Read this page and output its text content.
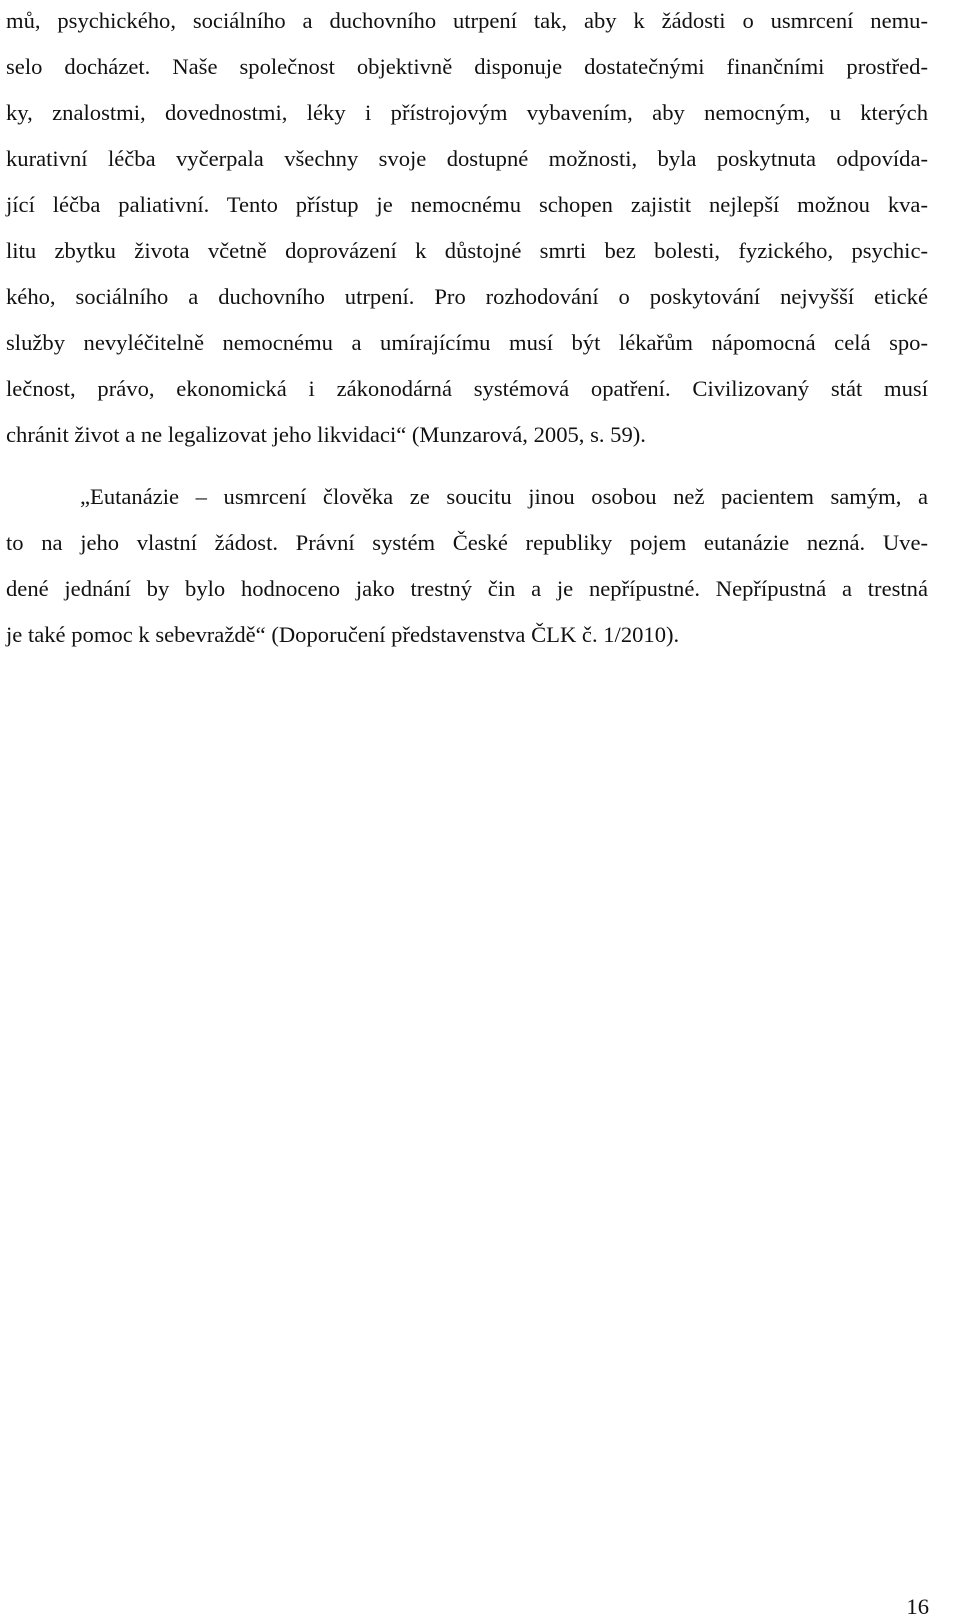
mů, psychického, sociálního a duchovního utrpení tak, aby k žádosti o usmrcení nemu-
selo docházet. Naše společnost objektivně disponuje dostatečnými finančními prostřed-
ky, znalostmi, dovednostmi, léky i přístrojovým vybavením, aby nemocným, u kterých
kurativní léčba vyčerpala všechny svoje dostupné možnosti, byla poskytnuta odpovída-
jící léčba paliativní. Tento přístup je nemocnému schopen zajistit nejlepší možnou kva-
litu zbytku života včetně doprovázení k důstojné smrti bez bolesti, fyzického, psychic-
kého, sociálního a duchovního utrpení. Pro rozhodování o poskytování nejvyšší etické
služby nevyléčitelně nemocnému a umírajícímu musí být lékařům nápomocná celá spo-
lečnost, právo, ekonomická i zákonodárná systémová opatření. Civilizovaný stát musí
chránit život a ne legalizovat jeho likvidaci“ (Munzarová, 2005, s. 59).
„Eutanázie – usmrcení člověka ze soucitu jinou osobou než pacientem samým, a
to na jeho vlastní žádost. Právní systém České republiky pojem eutanázie nezná. Uve-
dené jednání by bylo hodnoceno jako trestný čin a je nepřípustné. Nepřípustná a trestná
je také pomoc k sebevraždě“ (Doporučení představenstva ČLK č. 1/2010).
16
